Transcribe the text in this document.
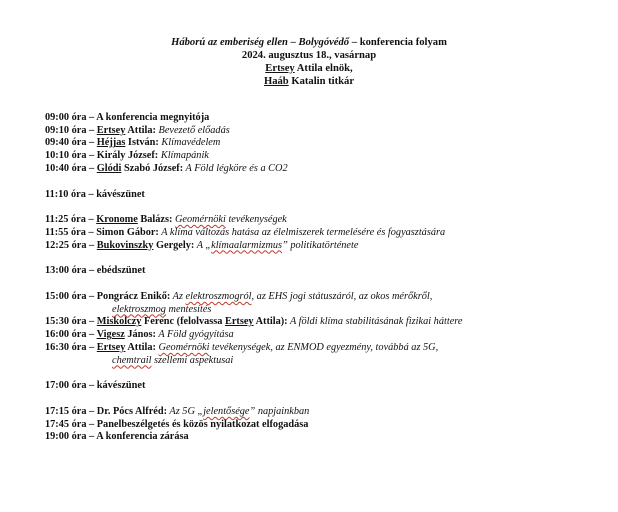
Háború az emberiség ellen – Bolygóvédő – konferencia folyam
2024. augusztus 18., vasárnap
Ertsey Attila elnök,
Haáb Katalin titkár
09:00 óra – A konferencia megnyitója
09:10 óra – Ertsey Attila: Bevezető előadás
09:40 óra – Héjjas István: Klímavédelem
10:10 óra – Király József: Klímapánik
10:40 óra – Glódi Szabó József: A Föld légköre és a CO2
11:10 óra – kávészünet
11:25 óra – Kronome Balázs: Geomérnöki tevékenységek
11:55 óra – Simon Gábor: A klíma változás hatása az élelmiszerek termelésére és fogyasztására
12:25 óra – Bukovinszky Gergely: A „klímaalarmizmus” politikatörténete
13:00 óra – ebédszünet
15:00 óra – Pongrácz Enikő: Az elektroszmogról, az EHS jogi státuszáról, az okos mérőkről,
elektroszmog mentesítés
15:30 óra – Miskolczy Ferenc (felolvassa Ertsey Attila): A földi klíma stabilitásának fizikai háttere
16:00 óra – Vigesz János: A Föld gyógyítása
16:30 óra – Ertsey Attila: Geomérnöki tevékenységek, az ENMOD egyezmény, továbbá az 5G,
chemtrail szellemi aspektusai
17:00 óra – kávészünet
17:15 óra – Dr. Pócs Alfréd: Az 5G „jelentősége” napjainkban
17:45 óra – Panelbeszélgetés és közös nyilatkozat elfogadása
19:00 óra – A konferencia zárása
